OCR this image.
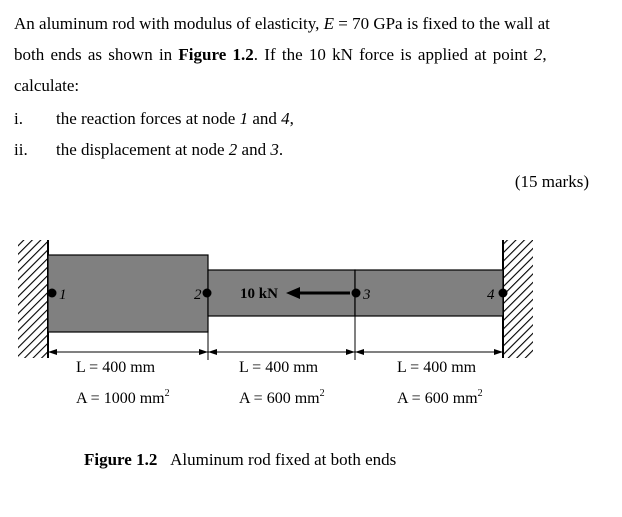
An aluminum rod with modulus of elasticity, E = 70 GPa is fixed to the wall at
both ends as shown in Figure 1.2. If the 10 kN force is applied at point 2,
calculate:
i. the reaction forces at node 1 and 4,
ii. the displacement at node 2 and 3.
(15 marks)
1	2	3	4
10 kN
L = 400 mm	L = 400 mm	L = 400 mm
A = 1000 $mm^2$	A = 600 $mm^2$	A = 600 $mm^2$
Figure 1.2 Aluminum rod fixed at both ends
